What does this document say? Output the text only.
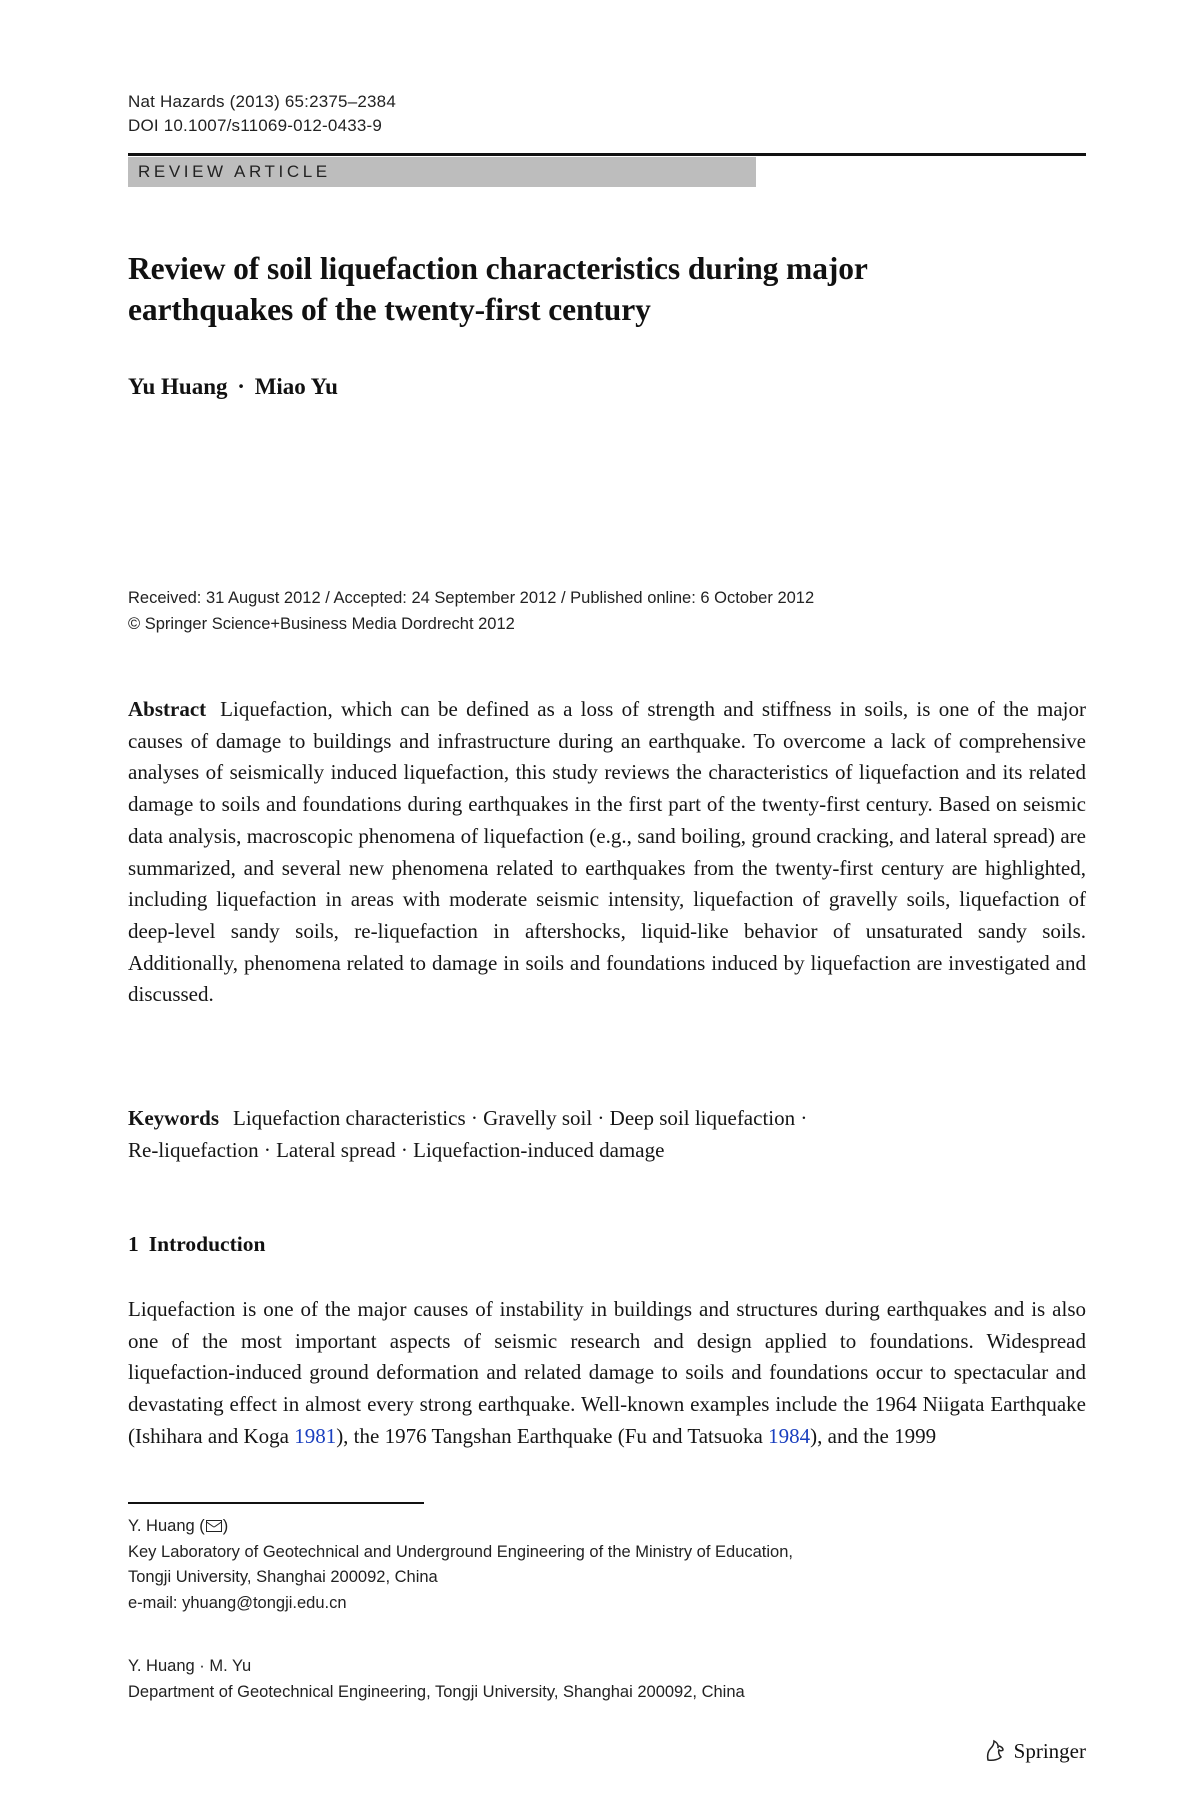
Nat Hazards (2013) 65:2375–2384
DOI 10.1007/s11069-012-0433-9
REVIEW ARTICLE
Review of soil liquefaction characteristics during major
earthquakes of the twenty-first century
Yu Huang · Miao Yu
Received: 31 August 2012 / Accepted: 24 September 2012 / Published online: 6 October 2012
© Springer Science+Business Media Dordrecht 2012
Abstract Liquefaction, which can be defined as a loss of strength and stiffness in soils, is one of the major causes of damage to buildings and infrastructure during an earthquake. To overcome a lack of comprehensive analyses of seismically induced liquefaction, this study reviews the characteristics of liquefaction and its related damage to soils and foundations during earthquakes in the first part of the twenty-first century. Based on seismic data analysis, macroscopic phenomena of liquefaction (e.g., sand boiling, ground cracking, and lateral spread) are summarized, and several new phenomena related to earthquakes from the twenty-first century are highlighted, including liquefaction in areas with moderate seismic intensity, liquefaction of gravelly soils, liquefaction of deep-level sandy soils, re-liquefaction in aftershocks, liquid-like behavior of unsaturated sandy soils. Additionally, phenomena related to damage in soils and foundations induced by liquefaction are investigated and discussed.
Keywords Liquefaction characteristics · Gravelly soil · Deep soil liquefaction ·
Re-liquefaction · Lateral spread · Liquefaction-induced damage
1 Introduction
Liquefaction is one of the major causes of instability in buildings and structures during earthquakes and is also one of the most important aspects of seismic research and design applied to foundations. Widespread liquefaction-induced ground deformation and related damage to soils and foundations occur to spectacular and devastating effect in almost every strong earthquake. Well-known examples include the 1964 Niigata Earthquake (Ishihara and Koga 1981), the 1976 Tangshan Earthquake (Fu and Tatsuoka 1984), and the 1999
Y. Huang ( )
Key Laboratory of Geotechnical and Underground Engineering of the Ministry of Education,
Tongji University, Shanghai 200092, China
e-mail: yhuang@tongji.edu.cn
Y. Huang · M. Yu
Department of Geotechnical Engineering, Tongji University, Shanghai 200092, China
Springer
